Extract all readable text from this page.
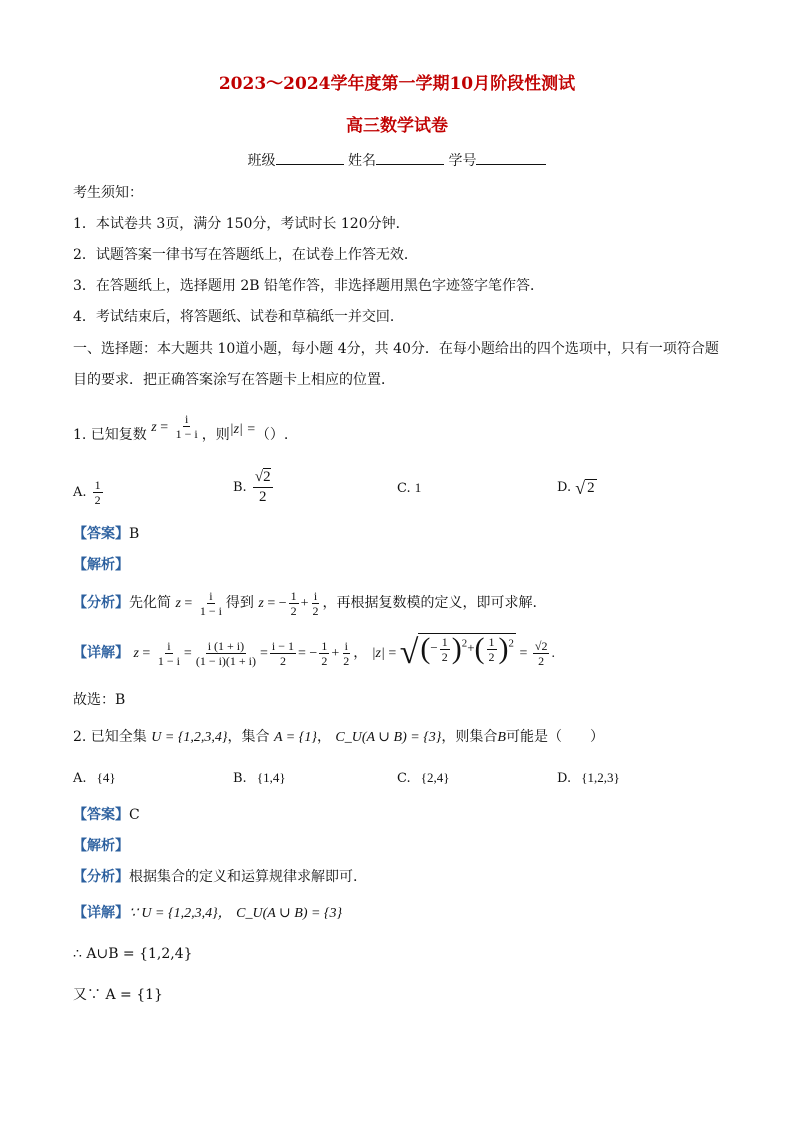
2023～2024学年度第一学期10月阶段性测试
高三数学试卷
班级	姓名	学号
考生须知：
1．本试卷共 3页，满分 150分，考试时长 120分钟．
2．试题答案一律书写在答题纸上，在试卷上作答无效．
3．在答题纸上，选择题用 2B 铅笔作答，非选择题用黑色字迹签字笔作答．
4．考试结束后，将答题纸、试卷和草稿纸一并交回．
一、选择题：本大题共 10道小题，每小题 4分，共 40分．在每小题给出的四个选项中，只有一项符合题
目的要求．把正确答案涂写在答题卡上相应的位置．
1. 已知复数 $z = \frac{i}{1 - i}$ ，则|z| =（）.
A. $\frac{1}{2}$	B. $\frac{√2}{2}$	C. 1	D. √ 2
【答案】B
【解析】
【分析】先化简 $z = \frac{i}{1 - i}$ 得到 z = − $\frac{1}{2} + \frac{i}{2}$ ，再根据复数模的定义，即可求解.
【详解】 $z = \frac{i}{1 - i} = \frac{i (1 + i)}{(1 - i)(1 + i)} = \frac{i - 1}{2}$ = − $\frac{1}{2} + \frac{i}{2}$ ， |z| = √ (− $\frac{1}{2} )^2+( \frac{1}{2} )^2$
= $\frac{√2}{2}$ .
故选：B
2. 已知全集 U = {1,2,3,4}，集合 A = {1}， C_U(A ∪ B) = {3}，则集合B可能是（　　）
A. {4}	B. {1,4}	C. {2,4}	D. {1,2,3}
【答案】C
【解析】
【分析】根据集合的定义和运算规律求解即可.
【详解】∵ U = {1,2,3,4}， C_U(A ∪ B) = {3}
∴ A∪B = {1,2,4}
又∵ A = {1}
